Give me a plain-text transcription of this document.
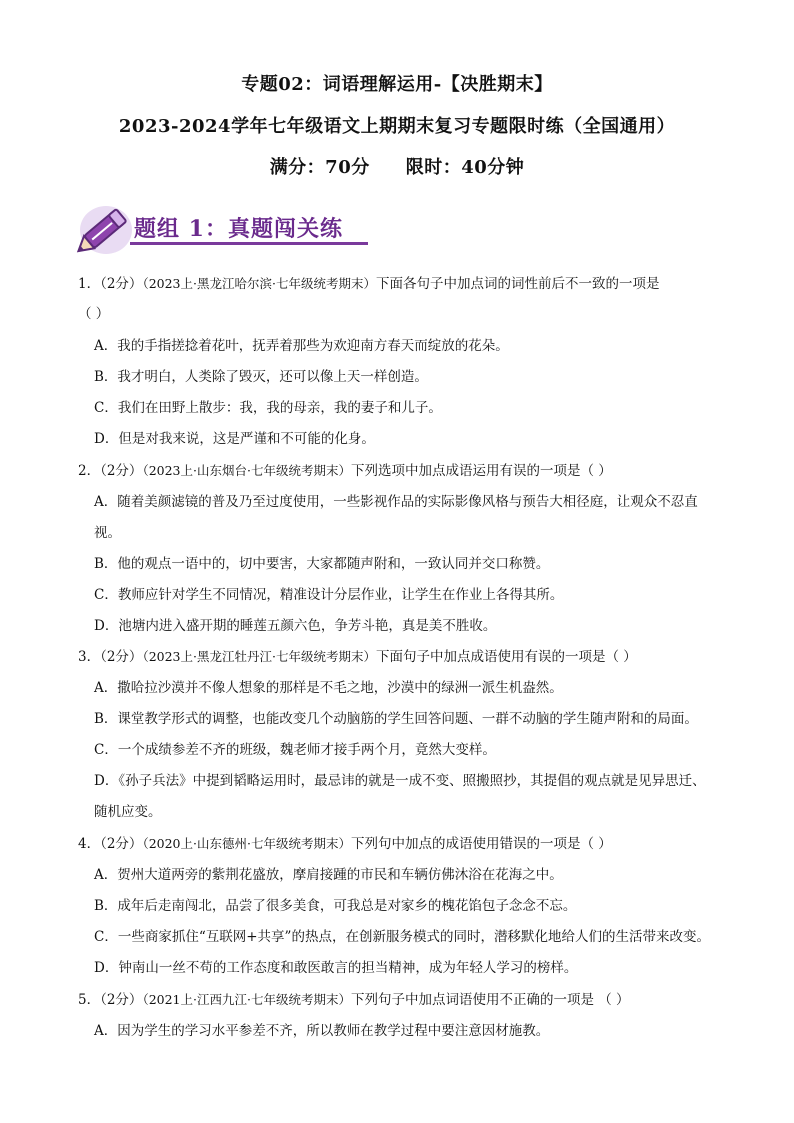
专题02：词语理解运用-【决胜期末】
2023-2024学年七年级语文上期期末复习专题限时练（全国通用）
满分：70分 限时：40分钟
题组 1：真题闯关练
1．（2分）（2023上·黑龙江哈尔滨·七年级统考期末）下面各句子中加点词的词性前后不一致的一项是
（ ）
A．我的手指搓捻着花叶，抚弄着那些为欢迎南方春天而绽放的花朵。
B．我才明白，人类除了毁灭，还可以像上天一样创造。
C．我们在田野上散步：我，我的母亲，我的妻子和儿子。
D．但是对我来说，这是严谨和不可能的化身。
2．（2分）（2023上·山东烟台·七年级统考期末）下列选项中加点成语运用有误的一项是（ ）
A．随着美颜滤镜的普及乃至过度使用，一些影视作品的实际影像风格与预告大相径庭，让观众不忍直
视。
B．他的观点一语中的，切中要害，大家都随声附和，一致认同并交口称赞。
C．教师应针对学生不同情况，精准设计分层作业，让学生在作业上各得其所。
D．池塘内进入盛开期的睡莲五颜六色，争芳斗艳，真是美不胜收。
3．（2分）（2023上·黑龙江牡丹江·七年级统考期末）下面句子中加点成语使用有误的一项是（ ）
A．撒哈拉沙漠并不像人想象的那样是不毛之地，沙漠中的绿洲一派生机盎然。
B．课堂教学形式的调整，也能改变几个动脑筋的学生回答问题、一群不动脑的学生随声附和的局面。
C．一个成绩参差不齐的班级，魏老师才接手两个月，竟然大变样。
D．《孙子兵法》中提到韬略运用时，最忌讳的就是一成不变、照搬照抄，其提倡的观点就是见异思迁、
随机应变。
4．（2分）（2020上·山东德州·七年级统考期末）下列句中加点的成语使用错误的一项是（ ）
A．贺州大道两旁的紫荆花盛放，摩肩接踵的市民和车辆仿佛沐浴在花海之中。
B．成年后走南闯北，品尝了很多美食，可我总是对家乡的槐花馅包子念念不忘。
C．一些商家抓住“互联网+共享”的热点，在创新服务模式的同时，潜移默化地给人们的生活带来改变。
D．钟南山一丝不苟的工作态度和敢医敢言的担当精神，成为年轻人学习的榜样。
5．（2分）（2021上·江西九江·七年级统考期末）下列句子中加点词语使用不正确的一项是 （ ）
A．因为学生的学习水平参差不齐，所以教师在教学过程中要注意因材施教。
